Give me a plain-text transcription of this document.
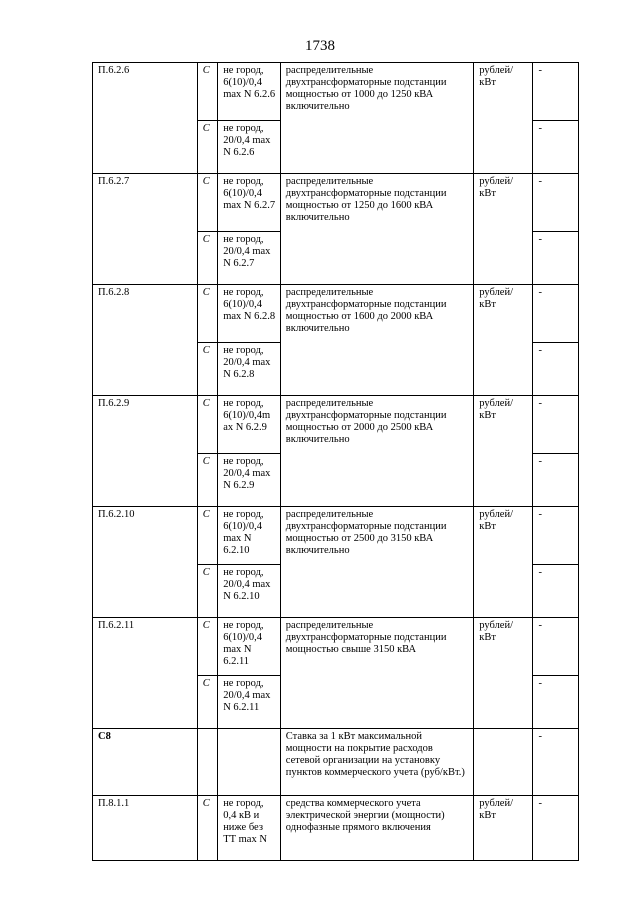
1738
П.6.2.6	С	не город, 6(10)/0,4 max N 6.2.6	распределительные двухтрансформаторные подстанции мощностью от 1000 до 1250 кВА включительно	рублей/ кВт	-
	С	не город, 20/0,4 max N 6.2.6			-
П.6.2.7	С	не город, 6(10)/0,4 max N 6.2.7	распределительные двухтрансформаторные подстанции мощностью от 1250 до 1600 кВА включительно	рублей/ кВт	-
	С	не город, 20/0,4 max N 6.2.7			-
П.6.2.8	С	не город, 6(10)/0,4 max N 6.2.8	распределительные двухтрансформаторные подстанции мощностью от 1600 до 2000 кВА включительно	рублей/ кВт	-
	С	не город, 20/0,4 max N 6.2.8			-
П.6.2.9	С	не город, 6(10)/0,4m ax N 6.2.9	распределительные двухтрансформаторные подстанции мощностью от 2000 до 2500 кВА включительно	рублей/ кВт	-
	С	не город, 20/0,4 max N 6.2.9			-
П.6.2.10	С	не город, 6(10)/0,4 max N 6.2.10	распределительные двухтрансформаторные подстанции мощностью от 2500 до 3150 кВА включительно	рублей/ кВт	-
	С	не город, 20/0,4 max N 6.2.10			-
П.6.2.11	С	не город, 6(10)/0,4 max N 6.2.11	распределительные двухтрансформаторные подстанции мощностью свыше 3150 кВА	рублей/ кВт	-
	С	не город, 20/0,4 max N 6.2.11			-
С8			Ставка за 1 кВт максимальной мощности на покрытие расходов сетевой организации на установку пунктов коммерческого учета (руб/кВт.)		-
П.8.1.1	С	не город, 0,4 кВ и ниже без ТТ max N	средства коммерческого учета электрической энергии (мощности) однофазные прямого включения	рублей/ кВт	-
